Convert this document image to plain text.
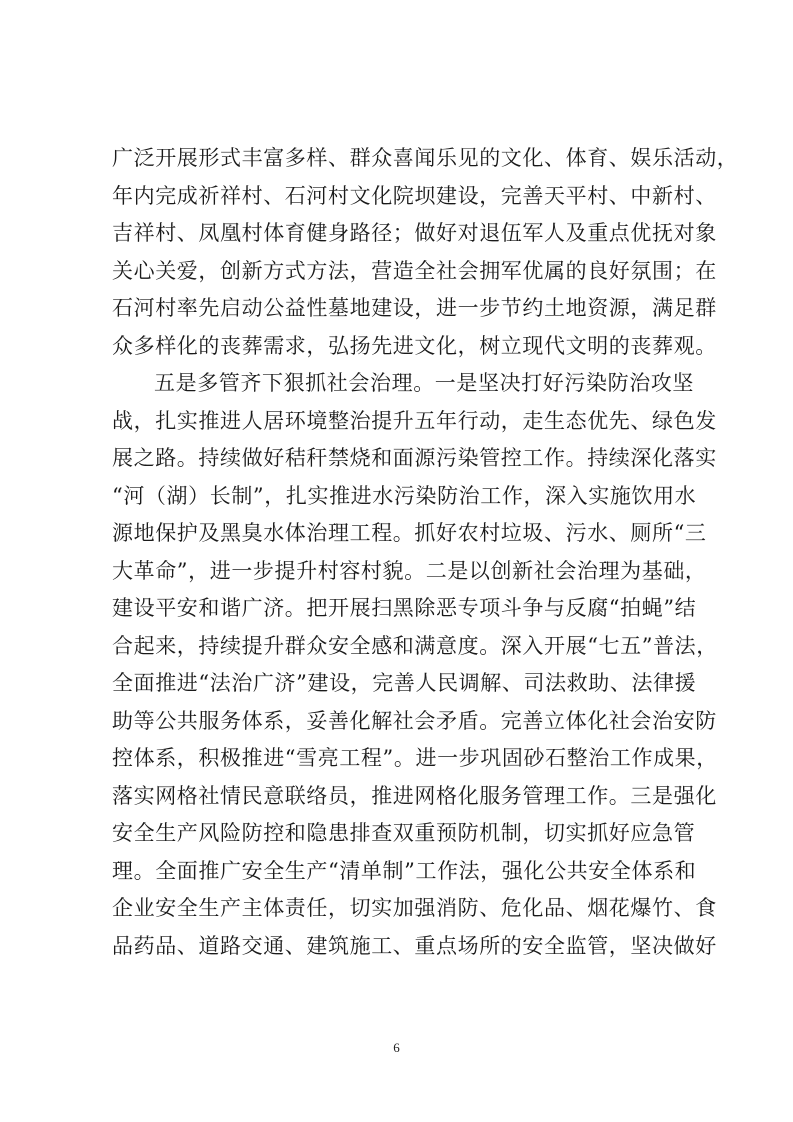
广泛开展形式丰富多样、群众喜闻乐见的文化、体育、娱乐活动，
年内完成祈祥村、石河村文化院坝建设，完善天平村、中新村、
吉祥村、凤凰村体育健身路径；做好对退伍军人及重点优抚对象
关心关爱，创新方式方法，营造全社会拥军优属的良好氛围；在
石河村率先启动公益性墓地建设，进一步节约土地资源，满足群
众多样化的丧葬需求，弘扬先进文化，树立现代文明的丧葬观。
五是多管齐下狠抓社会治理。一是坚决打好污染防治攻坚
战，扎实推进人居环境整治提升五年行动，走生态优先、绿色发
展之路。持续做好秸秆禁烧和面源污染管控工作。持续深化落实
“河（湖）长制”，扎实推进水污染防治工作，深入实施饮用水
源地保护及黑臭水体治理工程。抓好农村垃圾、污水、厕所“三
大革命”，进一步提升村容村貌。二是以创新社会治理为基础，
建设平安和谐广济。把开展扫黑除恶专项斗争与反腐“拍蝇”结
合起来，持续提升群众安全感和满意度。深入开展“七五”普法，
全面推进“法治广济”建设，完善人民调解、司法救助、法律援
助等公共服务体系，妥善化解社会矛盾。完善立体化社会治安防
控体系，积极推进“雪亮工程”。进一步巩固砂石整治工作成果，
落实网格社情民意联络员，推进网格化服务管理工作。三是强化
安全生产风险防控和隐患排查双重预防机制，切实抓好应急管
理。全面推广安全生产“清单制”工作法，强化公共安全体系和
企业安全生产主体责任，切实加强消防、危化品、烟花爆竹、食
品药品、道路交通、建筑施工、重点场所的安全监管，坚决做好
6
